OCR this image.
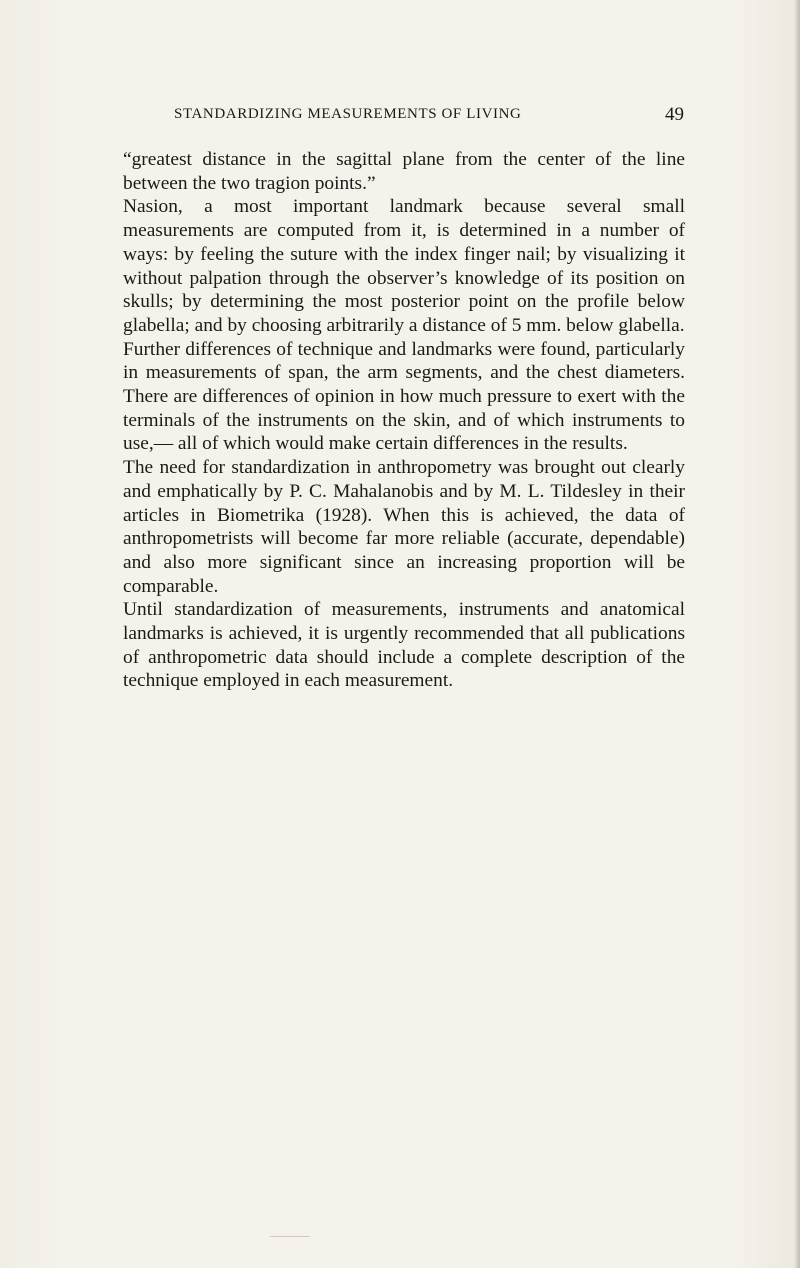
STANDARDIZING MEASUREMENTS OF LIVING	49

“greatest distance in the sagittal plane from the center of the line between the two tragion points.”

Nasion, a most important landmark because several small measurements are computed from it, is determined in a number of ways: by feeling the suture with the index finger nail; by visualizing it without palpation through the observer’s knowledge of its position on skulls; by determining the most posterior point on the profile below glabella; and by choosing arbitrarily a distance of 5 mm. below glabella.

Further differences of technique and landmarks were found, particularly in measurements of span, the arm segments, and the chest diameters. There are differences of opinion in how much pressure to exert with the terminals of the instruments on the skin, and of which instruments to use,— all of which would make certain differences in the results.

The need for standardization in anthropometry was brought out clearly and emphatically by P. C. Mahalanobis and by M. L. Tildesley in their articles in Biometrika (1928). When this is achieved, the data of anthropometrists will become far more reliable (accurate, dependable) and also more significant since an increasing proportion will be comparable.

Until standardization of measurements, instruments and anatomical landmarks is achieved, it is urgently recommended that all publications of anthropometric data should include a complete description of the technique employed in each measurement.
